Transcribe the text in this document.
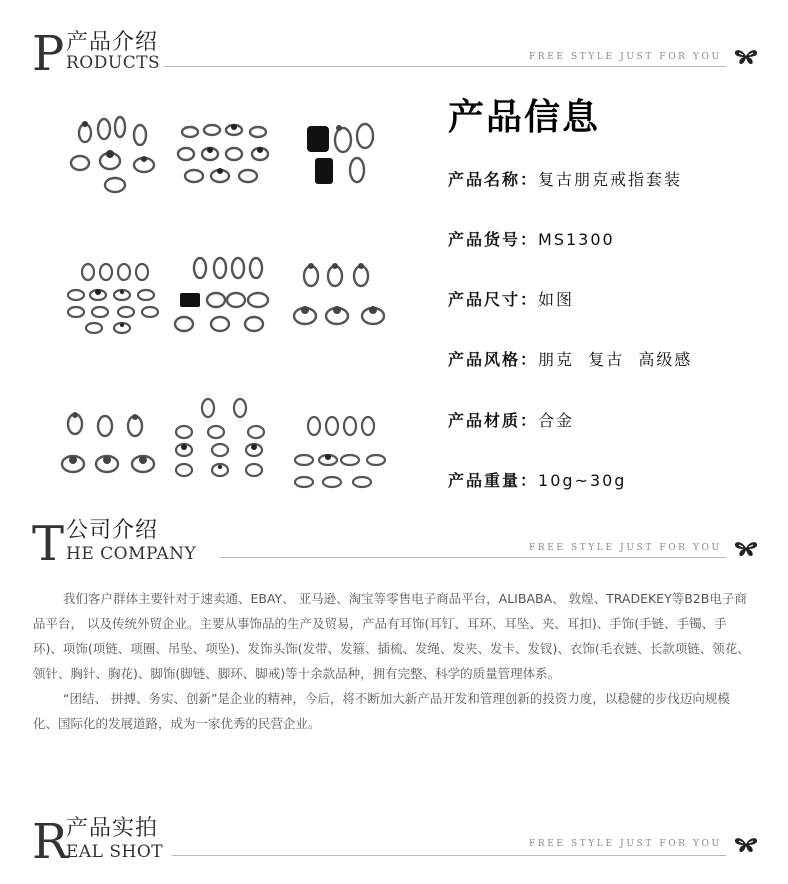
P 产品介绍
RODUCTS	FREE STYLE JUST FOR YOU
产品信息
产品名称：复古朋克戒指套装
产品货号：MS1300
产品尺寸：如图
产品风格：朋克  复古  高级感
产品材质：合金
产品重量：10g~30g
T 公司介绍
HE COMPANY	FREE STYLE JUST FOR YOU

我们客户群体主要针对于速卖通、EBAY、 亚马逊、淘宝等零售电子商品平台，ALIBABA、 敦煌、TRADEKEY等B2B电子商品平台， 以及传统外贸企业。主要从事饰品的生产及贸易，产品有耳饰(耳钉、耳环、耳坠、夹、耳扣)、手饰(手链、手镯、手环)、项饰(项链、项圈、吊坠、项坠)、发饰头饰(发带、发箍、插梳、发绳、发夹、发卡、发钗)、衣饰(毛衣链、长款项链、领花、领针、胸针、胸花)、脚饰(脚链、脚环、脚戒)等十余款品种，拥有完整、科学的质量管理体系。

“团结、 拼搏、务实、创新”是企业的精神，今后，将不断加大新产品开发和管理创新的投资力度，以稳健的步伐迈向规模化、国际化的发展道路，成为一家优秀的民营企业。

R
产品实拍
EAL SHOT	FREE STYLE JUST FOR YOU
